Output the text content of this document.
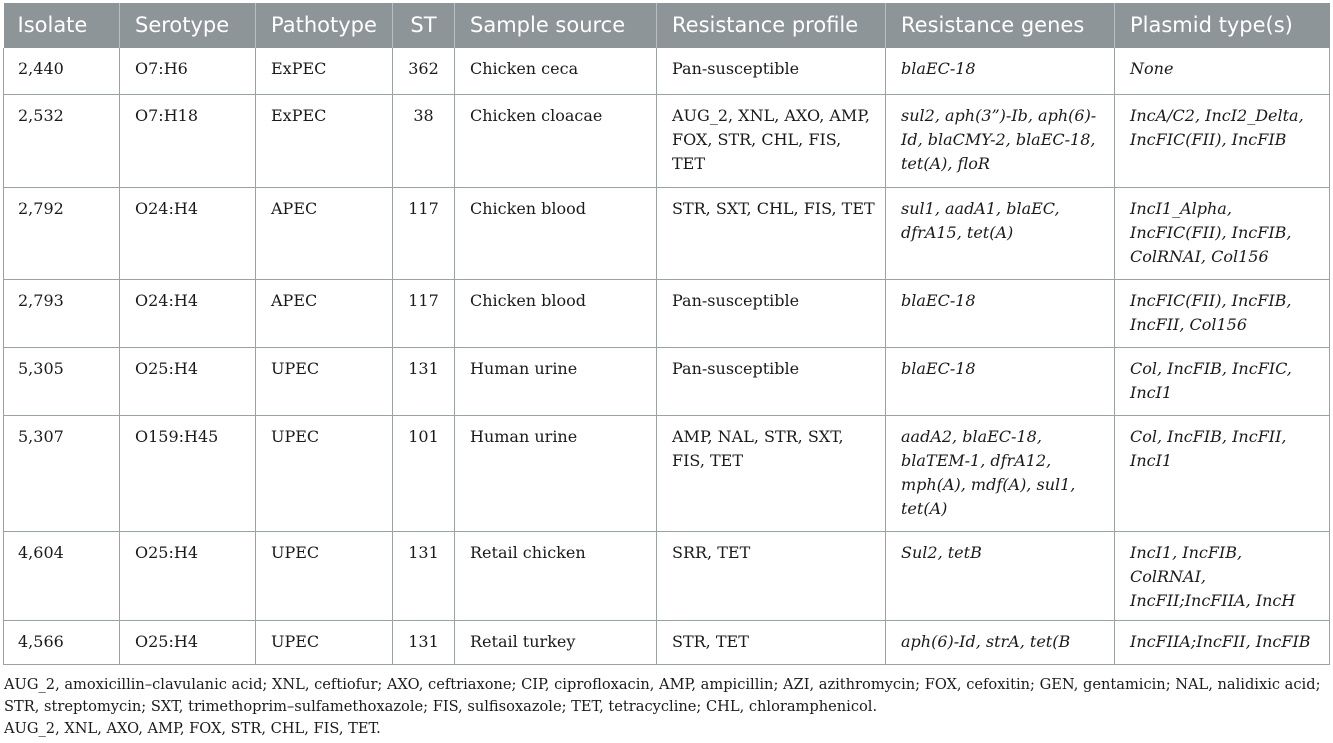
Isolate	Serotype	Pathotype	ST	Sample source	Resistance profile	Resistance genes	Plasmid type(s)
2,440	O7:H6	ExPEC	362	Chicken ceca	Pan-susceptible	blaEC-18	None
2,532	O7:H18	ExPEC	38	Chicken cloacae	AUG_2, XNL, AXO, AMP, FOX, STR, CHL, FIS, TET	sul2, aph(3”)-Ib, aph(6)-Id, blaCMY-2, blaEC-18, tet(A), floR	IncA/C2, IncI2_Delta, IncFIC(FII), IncFIB
2,792	O24:H4	APEC	117	Chicken blood	STR, SXT, CHL, FIS, TET	sul1, aadA1, blaEC, dfrA15, tet(A)	IncI1_Alpha, IncFIC(FII), IncFIB, ColRNAI, Col156
2,793	O24:H4	APEC	117	Chicken blood	Pan-susceptible	blaEC-18	IncFIC(FII), IncFIB, IncFII, Col156
5,305	O25:H4	UPEC	131	Human urine	Pan-susceptible	blaEC-18	Col, IncFIB, IncFIC, IncI1
5,307	O159:H45	UPEC	101	Human urine	AMP, NAL, STR, SXT, FIS, TET	aadA2, blaEC-18, blaTEM-1, dfrA12, mph(A), mdf(A), sul1, tet(A)	Col, IncFIB, IncFII, IncI1
4,604	O25:H4	UPEC	131	Retail chicken	SRR, TET	Sul2, tetB	IncI1, IncFIB, ColRNAI, IncFII;IncFIIA, IncH
4,566	O25:H4	UPEC	131	Retail turkey	STR, TET	aph(6)-Id, strA, tet(B	IncFIIA;IncFII, IncFIB
AUG_2, amoxicillin–clavulanic acid; XNL, ceftiofur; AXO, ceftriaxone; CIP, ciprofloxacin, AMP, ampicillin; AZI, azithromycin; FOX, cefoxitin; GEN, gentamicin; NAL, nalidixic acid;
STR, streptomycin; SXT, trimethoprim–sulfamethoxazole; FIS, sulfisoxazole; TET, tetracycline; CHL, chloramphenicol.
AUG_2, XNL, AXO, AMP, FOX, STR, CHL, FIS, TET.
